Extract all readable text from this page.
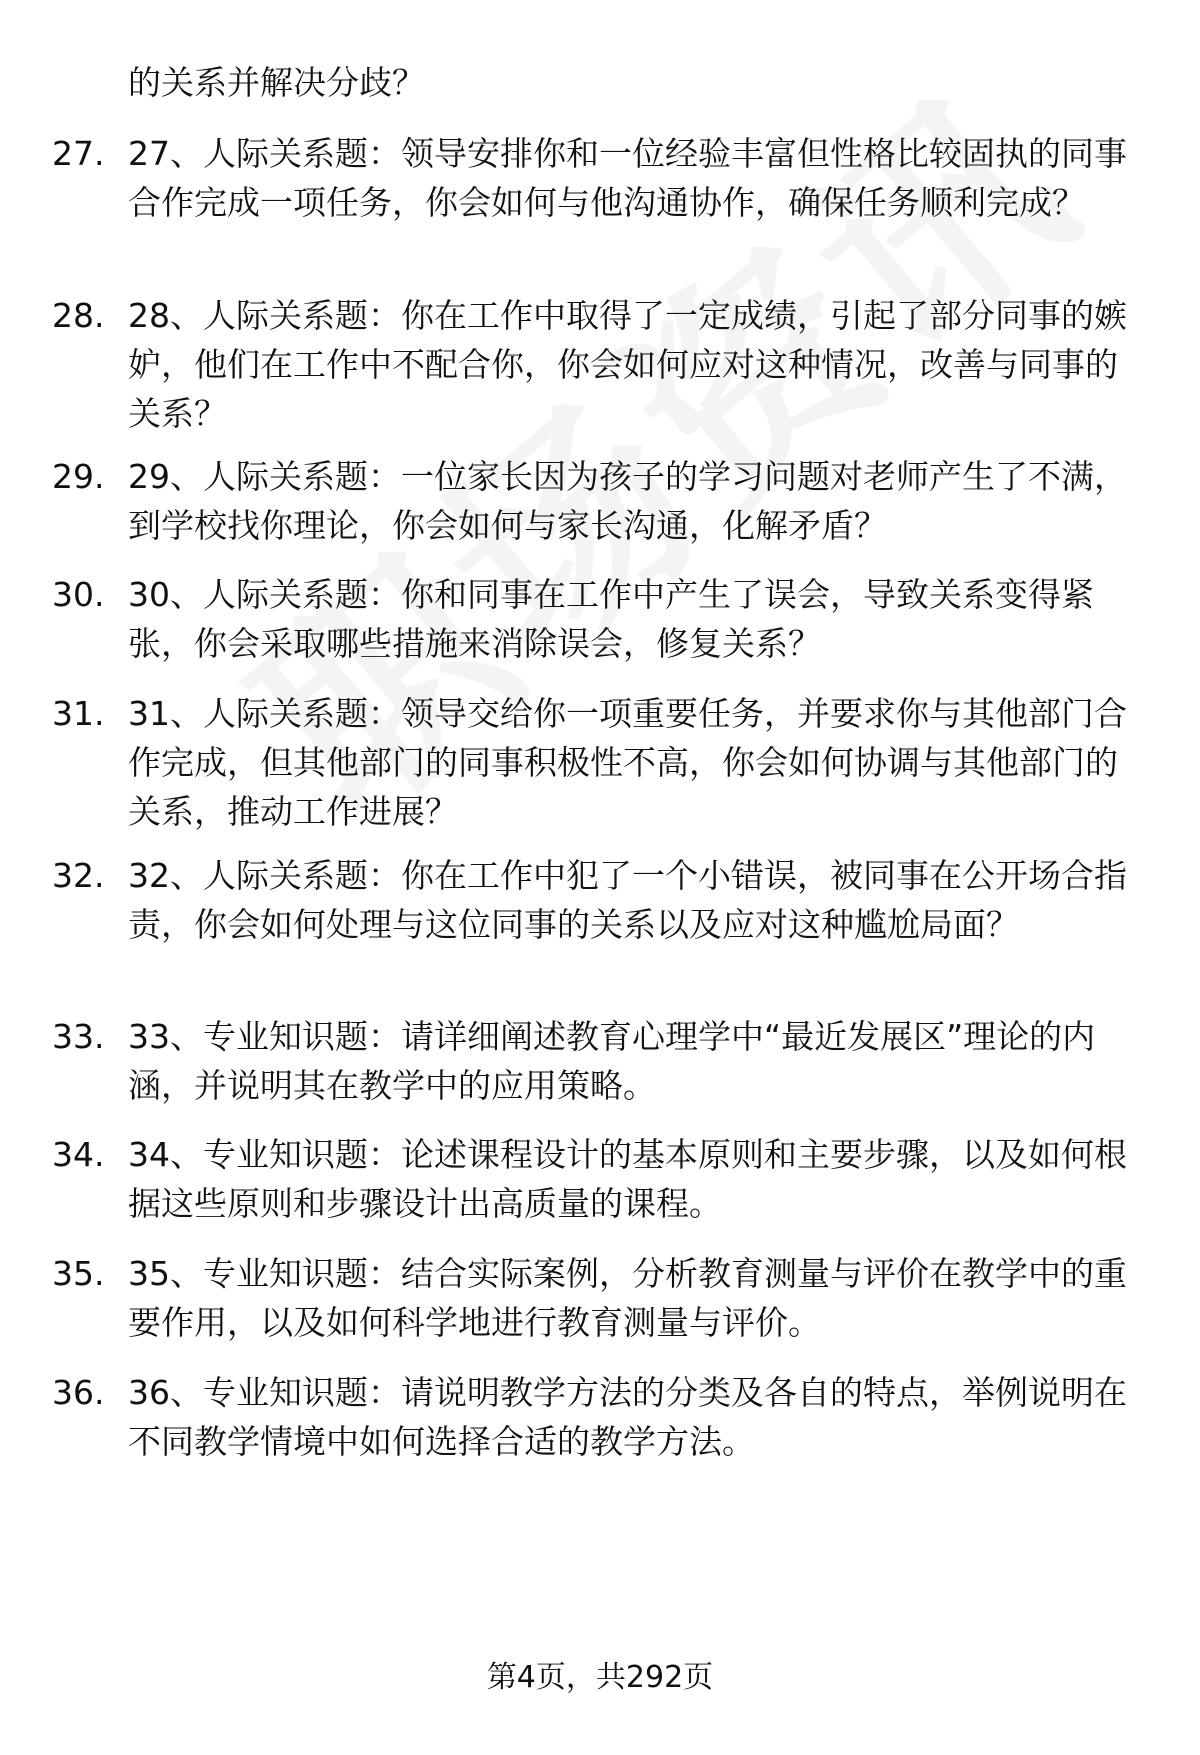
的关系并解决分歧？
27. 27、人际关系题：领导安排你和一位经验丰富但性格比较固执的同事合作完成一项任务，你会如何与他沟通协作，确保任务顺利完成？
28. 28、人际关系题：你在工作中取得了一定成绩，引起了部分同事的嫉妒，他们在工作中不配合你，你会如何应对这种情况，改善与同事的关系？
29. 29、人际关系题：一位家长因为孩子的学习问题对老师产生了不满，到学校找你理论，你会如何与家长沟通，化解矛盾？
30. 30、人际关系题：你和同事在工作中产生了误会，导致关系变得紧张，你会采取哪些措施来消除误会，修复关系？
31. 31、人际关系题：领导交给你一项重要任务，并要求你与其他部门合作完成，但其他部门的同事积极性不高，你会如何协调与其他部门的关系，推动工作进展？
32. 32、人际关系题：你在工作中犯了一个小错误，被同事在公开场合指责，你会如何处理与这位同事的关系以及应对这种尴尬局面？
33. 33、专业知识题：请详细阐述教育心理学中“最近发展区”理论的内涵，并说明其在教学中的应用策略。
34. 34、专业知识题：论述课程设计的基本原则和主要步骤，以及如何根据这些原则和步骤设计出高质量的课程。
35. 35、专业知识题：结合实际案例，分析教育测量与评价在教学中的重要作用，以及如何科学地进行教育测量与评价。
36. 36、专业知识题：请说明教学方法的分类及各自的特点，举例说明在不同教学情境中如何选择合适的教学方法。
第4页，共292页
